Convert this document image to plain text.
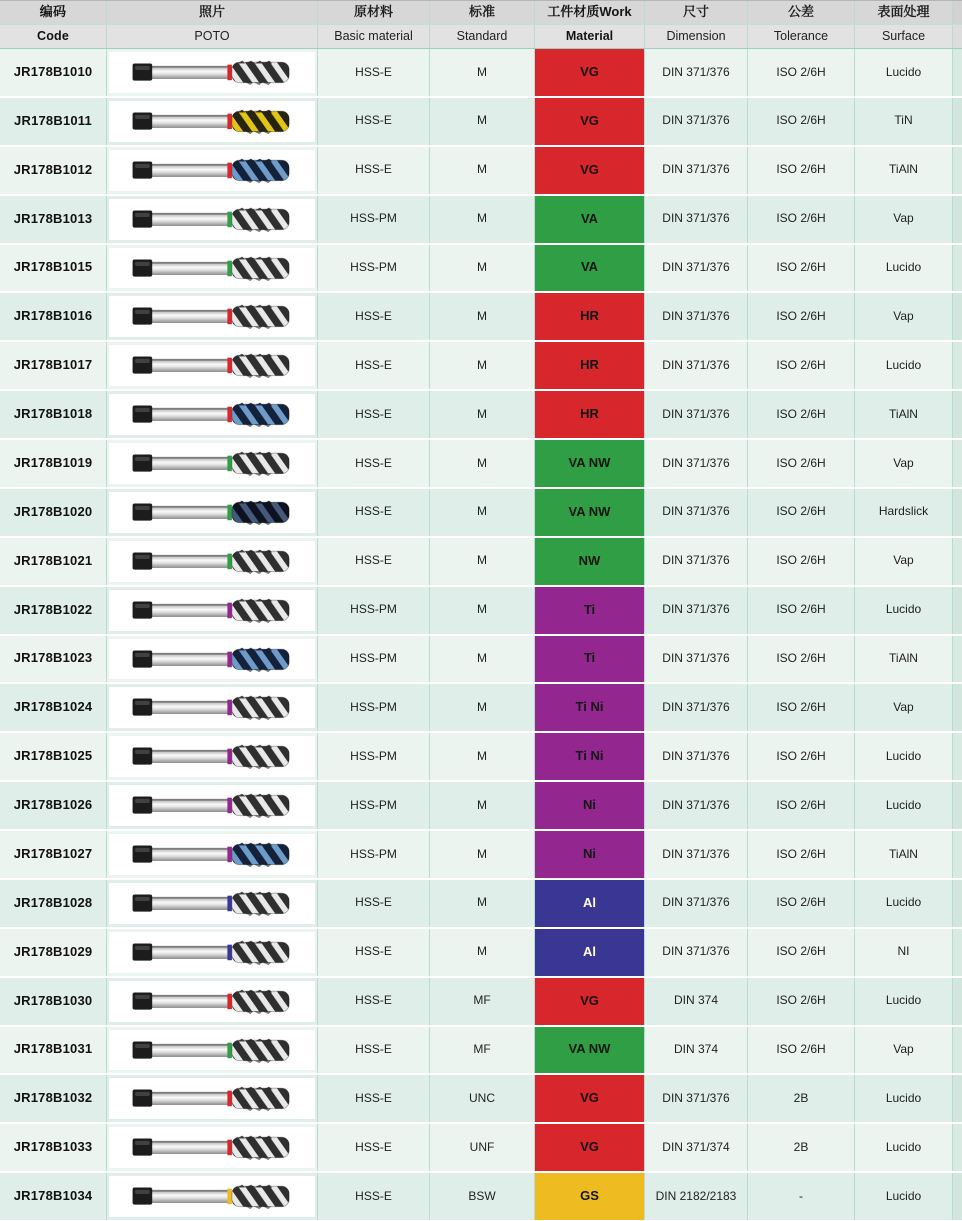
编码	照片	原材料	标准	工件材质Work	尺寸	公差	表面处理
Code	POTO	Basic material	Standard	Material	Dimension	Tolerance	Surface
JR178B1010	HSS-E	M	VG	DIN 371/376	ISO 2/6H	Lucido
JR178B1011	HSS-E	M	VG	DIN 371/376	ISO 2/6H	TiN
JR178B1012	HSS-E	M	VG	DIN 371/376	ISO 2/6H	TiAlN
JR178B1013	HSS-PM	M	VA	DIN 371/376	ISO 2/6H	Vap
JR178B1015	HSS-PM	M	VA	DIN 371/376	ISO 2/6H	Lucido
JR178B1016	HSS-E	M	HR	DIN 371/376	ISO 2/6H	Vap
JR178B1017	HSS-E	M	HR	DIN 371/376	ISO 2/6H	Lucido
JR178B1018	HSS-E	M	HR	DIN 371/376	ISO 2/6H	TiAlN
JR178B1019	HSS-E	M	VA NW	DIN 371/376	ISO 2/6H	Vap
JR178B1020	HSS-E	M	VA NW	DIN 371/376	ISO 2/6H	Hardslick
JR178B1021	HSS-E	M	NW	DIN 371/376	ISO 2/6H	Vap
JR178B1022	HSS-PM	M	Ti	DIN 371/376	ISO 2/6H	Lucido
JR178B1023	HSS-PM	M	Ti	DIN 371/376	ISO 2/6H	TiAlN
JR178B1024	HSS-PM	M	Ti Ni	DIN 371/376	ISO 2/6H	Vap
JR178B1025	HSS-PM	M	Ti Ni	DIN 371/376	ISO 2/6H	Lucido
JR178B1026	HSS-PM	M	Ni	DIN 371/376	ISO 2/6H	Lucido
JR178B1027	HSS-PM	M	Ni	DIN 371/376	ISO 2/6H	TiAlN
JR178B1028	HSS-E	M	Al	DIN 371/376	ISO 2/6H	Lucido
JR178B1029	HSS-E	M	Al	DIN 371/376	ISO 2/6H	NI
JR178B1030	HSS-E	MF	VG	DIN 374	ISO 2/6H	Lucido
JR178B1031	HSS-E	MF	VA NW	DIN 374	ISO 2/6H	Vap
JR178B1032	HSS-E	UNC	VG	DIN 371/376	2B	Lucido
JR178B1033	HSS-E	UNF	VG	DIN 371/374	2B	Lucido
JR178B1034	HSS-E	BSW	GS	DIN 2182/2183	-	Lucido
